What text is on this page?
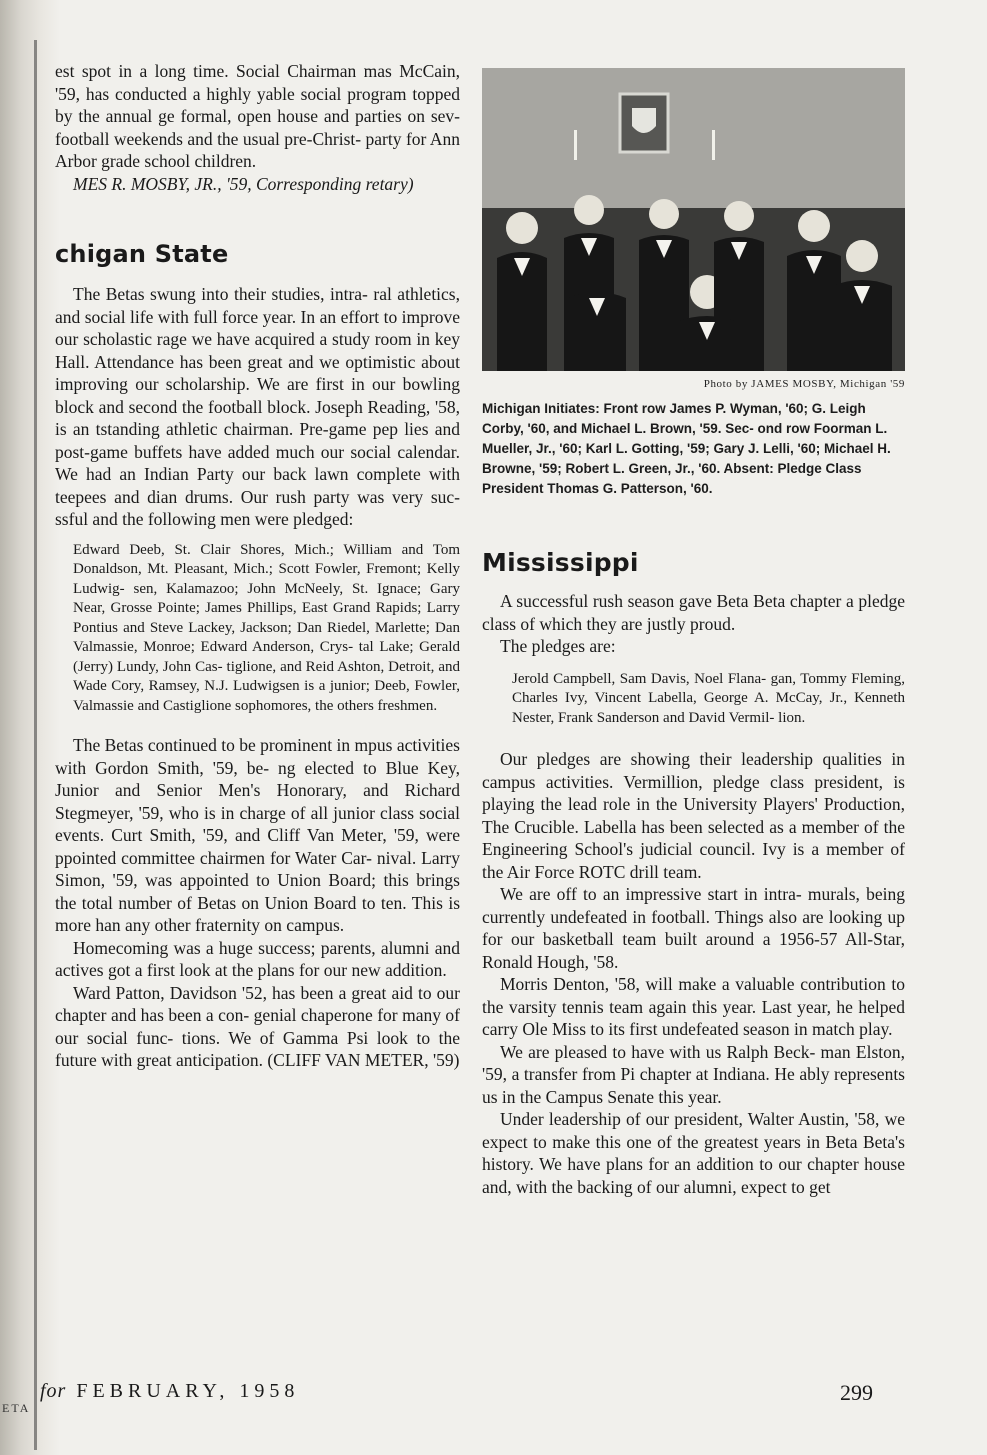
ETA

est spot in a long time. Social Chairman mas McCain, '59, has conducted a highly yable social program topped by the annual ge formal, open house and parties on sev- football weekends and the usual pre-Christ- party for Ann Arbor grade school children.

MES R. MOSBY, JR., '59, Corresponding retary)

chigan State

The Betas swung into their studies, intra- ral athletics, and social life with full force year. In an effort to improve our scholastic rage we have acquired a study room in key Hall. Attendance has been great and we optimistic about improving our scholarship. We are first in our bowling block and second the football block. Joseph Reading, '58, is an tstanding athletic chairman. Pre-game pep lies and post-game buffets have added much our social calendar. We had an Indian Party our back lawn complete with teepees and dian drums. Our rush party was very suc- ssful and the following men were pledged:

Edward Deeb, St. Clair Shores, Mich.; William and Tom Donaldson, Mt. Pleasant, Mich.; Scott Fowler, Fremont; Kelly Ludwig- sen, Kalamazoo; John McNeely, St. Ignace; Gary Near, Grosse Pointe; James Phillips, East Grand Rapids; Larry Pontius and Steve Lackey, Jackson; Dan Riedel, Marlette; Dan Valmassie, Monroe; Edward Anderson, Crys- tal Lake; Gerald (Jerry) Lundy, John Cas- tiglione, and Reid Ashton, Detroit, and Wade Cory, Ramsey, N.J. Ludwigsen is a junior; Deeb, Fowler, Valmassie and Castiglione sophomores, the others freshmen.

The Betas continued to be prominent in mpus activities with Gordon Smith, '59, be- ng elected to Blue Key, Junior and Senior Men's Honorary, and Richard Stegmeyer, '59, who is in charge of all junior class social events. Curt Smith, '59, and Cliff Van Meter, '59, were ppointed committee chairmen for Water Car- nival. Larry Simon, '59, was appointed to Union Board; this brings the total number of Betas on Union Board to ten. This is more han any other fraternity on campus.

Homecoming was a huge success; parents, alumni and actives got a first look at the plans for our new addition.

Ward Patton, Davidson '52, has been a great aid to our chapter and has been a con- genial chaperone for many of our social func- tions. We of Gamma Psi look to the future with great anticipation. (CLIFF VAN METER, '59)

Photo by JAMES MOSBY, Michigan '59
Michigan Initiates: Front row James P. Wyman, '60; G. Leigh Corby, '60, and Michael L. Brown, '59. Sec- ond row Foorman L. Mueller, Jr., '60; Karl L. Gotting, '59; Gary J. Lelli, '60; Michael H. Browne, '59; Robert L. Green, Jr., '60. Absent: Pledge Class President Thomas G. Patterson, '60.
Mississippi

A successful rush season gave Beta Beta chapter a pledge class of which they are justly proud.

The pledges are:

Jerold Campbell, Sam Davis, Noel Flana- gan, Tommy Fleming, Charles Ivy, Vincent Labella, George A. McCay, Jr., Kenneth Nester, Frank Sanderson and David Vermil- lion.

Our pledges are showing their leadership qualities in campus activities. Vermillion, pledge class president, is playing the lead role in the University Players' Production, The Crucible. Labella has been selected as a member of the Engineering School's judicial council. Ivy is a member of the Air Force ROTC drill team.

We are off to an impressive start in intra- murals, being currently undefeated in football. Things also are looking up for our basketball team built around a 1956-57 All-Star, Ronald Hough, '58.

Morris Denton, '58, will make a valuable contribution to the varsity tennis team again this year. Last year, he helped carry Ole Miss to its first undefeated season in match play.

We are pleased to have with us Ralph Beck- man Elston, '59, a transfer from Pi chapter at Indiana. He ably represents us in the Campus Senate this year.

Under leadership of our president, Walter Austin, '58, we expect to make this one of the greatest years in Beta Beta's history. We have plans for an addition to our chapter house and, with the backing of our alumni, expect to get

for FEBRUARY, 1958	299
